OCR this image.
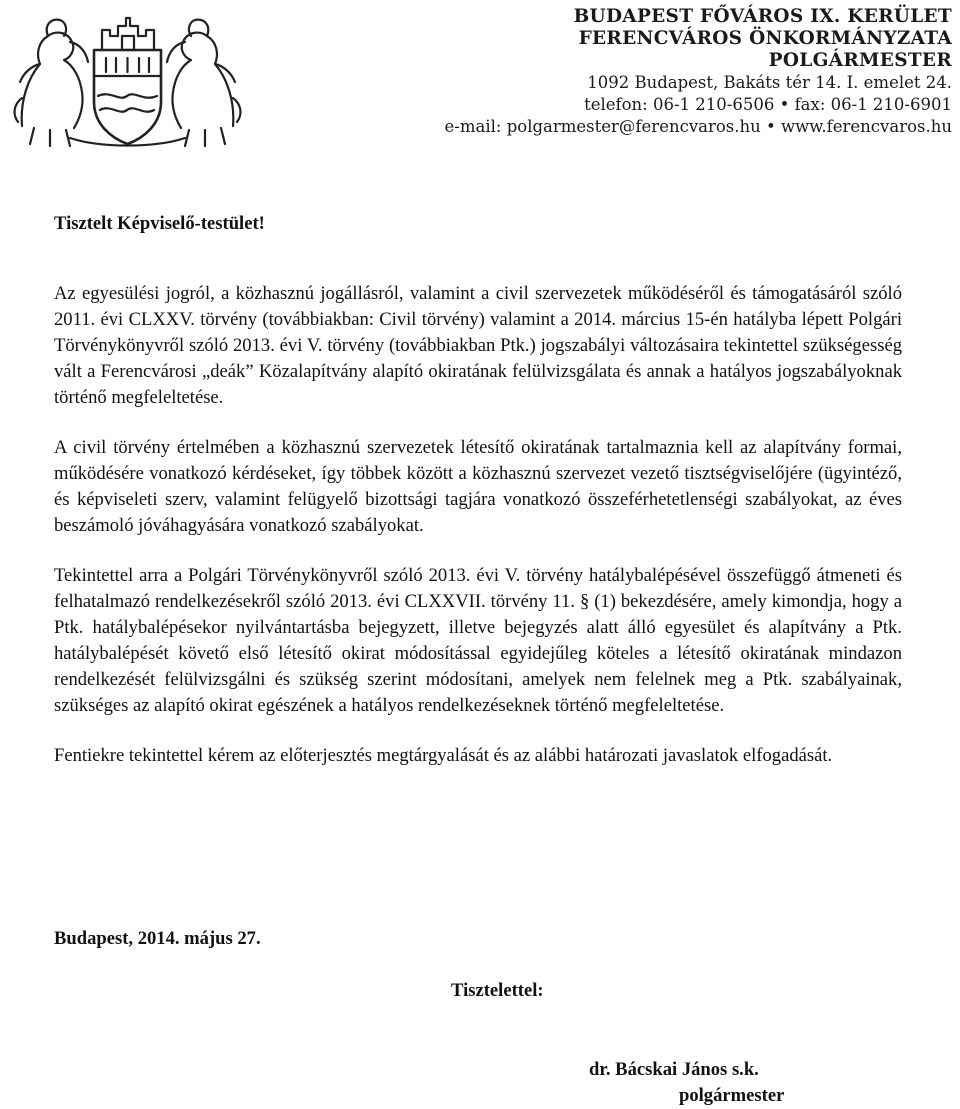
BUDAPEST FŐVÁROS IX. KERÜLET
FERENCVÁROS ÖNKORMÁNYZATA
POLGÁRMESTER
1092 Budapest, Bakáts tér 14. I. emelet 24.
telefon: 06-1 210-6506 • fax: 06-1 210-6901
e-mail: polgarmester@ferencvaros.hu • www.ferencvaros.hu

Tisztelt Képviselő-testület!

Az egyesülési jogról, a közhasznú jogállásról, valamint a civil szervezetek működéséről és támogatásáról szóló 2011. évi CLXXV. törvény (továbbiakban: Civil törvény) valamint a 2014. március 15-én hatályba lépett Polgári Törvénykönyvről szóló 2013. évi V. törvény (továbbiakban Ptk.) jogszabályi változásaira tekintettel szükségesség vált a Ferencvárosi „deák” Közalapítvány alapító okiratának felülvizsgálata és annak a hatályos jogszabályoknak történő megfeleltetése.

A civil törvény értelmében a közhasznú szervezetek létesítő okiratának tartalmaznia kell az alapítvány formai, működésére vonatkozó kérdéseket, így többek között a közhasznú szervezet vezető tisztségviselőjére (ügyintéző, és képviseleti szerv, valamint felügyelő bizottsági tagjára vonatkozó összeférhetetlenségi szabályokat, az éves beszámoló jóváhagyására vonatkozó szabályokat.

Tekintettel arra a Polgári Törvénykönyvről szóló 2013. évi V. törvény hatálybalépésével összefüggő átmeneti és felhatalmazó rendelkezésekről szóló 2013. évi CLXXVII. törvény 11. § (1) bekezdésére, amely kimondja, hogy a Ptk. hatálybalépésekor nyilvántartásba bejegyzett, illetve bejegyzés alatt álló egyesület és alapítvány a Ptk. hatálybalépését követő első létesítő okirat módosítással egyidejűleg köteles a létesítő okiratának mindazon rendelkezését felülvizsgálni és szükség szerint módosítani, amelyek nem felelnek meg a Ptk. szabályainak, szükséges az alapító okirat egészének a hatályos rendelkezéseknek történő megfeleltetése.

Fentiekre tekintettel kérem az előterjesztés megtárgyalását és az alábbi határozati javaslatok elfogadását.

Budapest, 2014. május 27.

Tisztelettel:
dr. Bácskai János s.k.
polgármester
